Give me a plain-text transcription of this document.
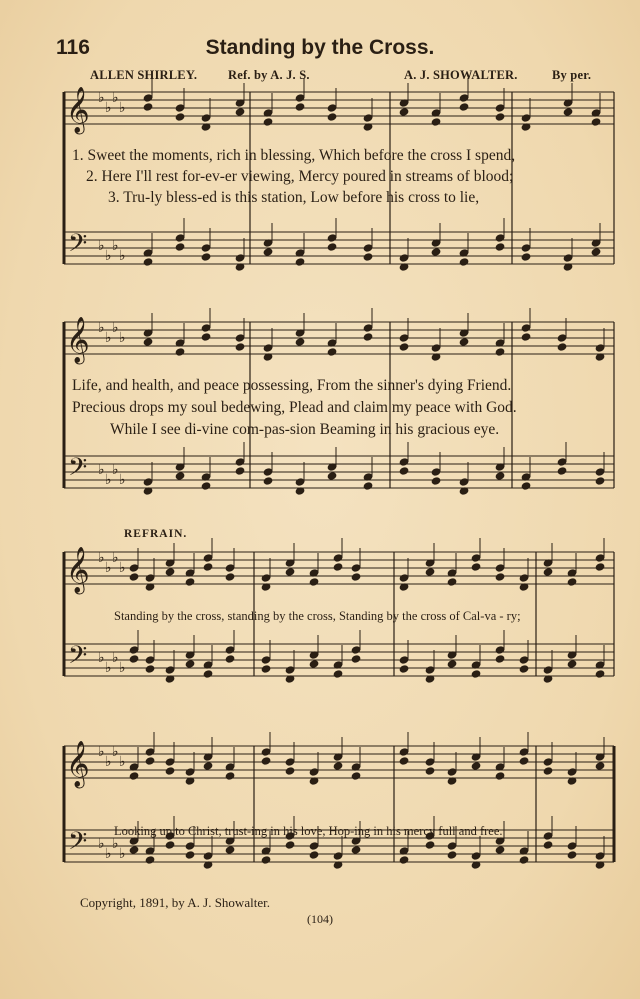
𝄞
𝄢
♭
♭
♭
♭
♭
♭
♭
♭
𝄞
𝄢
♭
♭
♭
♭
♭
♭
♭
♭
𝄞
𝄢
♭
♭
♭
♭
♭
♭
♭
♭
𝄞
𝄢
♭
♭
♭
♭
♭
♭
♭
♭
116	Standing by the Cross.
ALLEN SHIRLEY. Ref. by A. J. S.	A. J. SHOWALTER.	By per.
1. Sweet the moments, rich in blessing, Which before the cross I spend,
2. Here I'll rest for-ev-er viewing, Mercy poured in streams of blood;
3. Tru-ly bless-ed is this station, Low before his cross to lie,
Life, and health, and peace possessing, From the sinner's dying Friend.
Precious drops my soul bedewing, Plead and claim my peace with God.
While I see di-vine com-pas-sion Beaming in his gracious eye.
REFRAIN.
Standing by the cross, standing by the cross, Standing by the cross of Cal-va - ry;
Looking up to Christ, trust-ing in his love, Hop-ing in his mercy full and free.
Copyright, 1891, by A. J. Showalter.
(104)
